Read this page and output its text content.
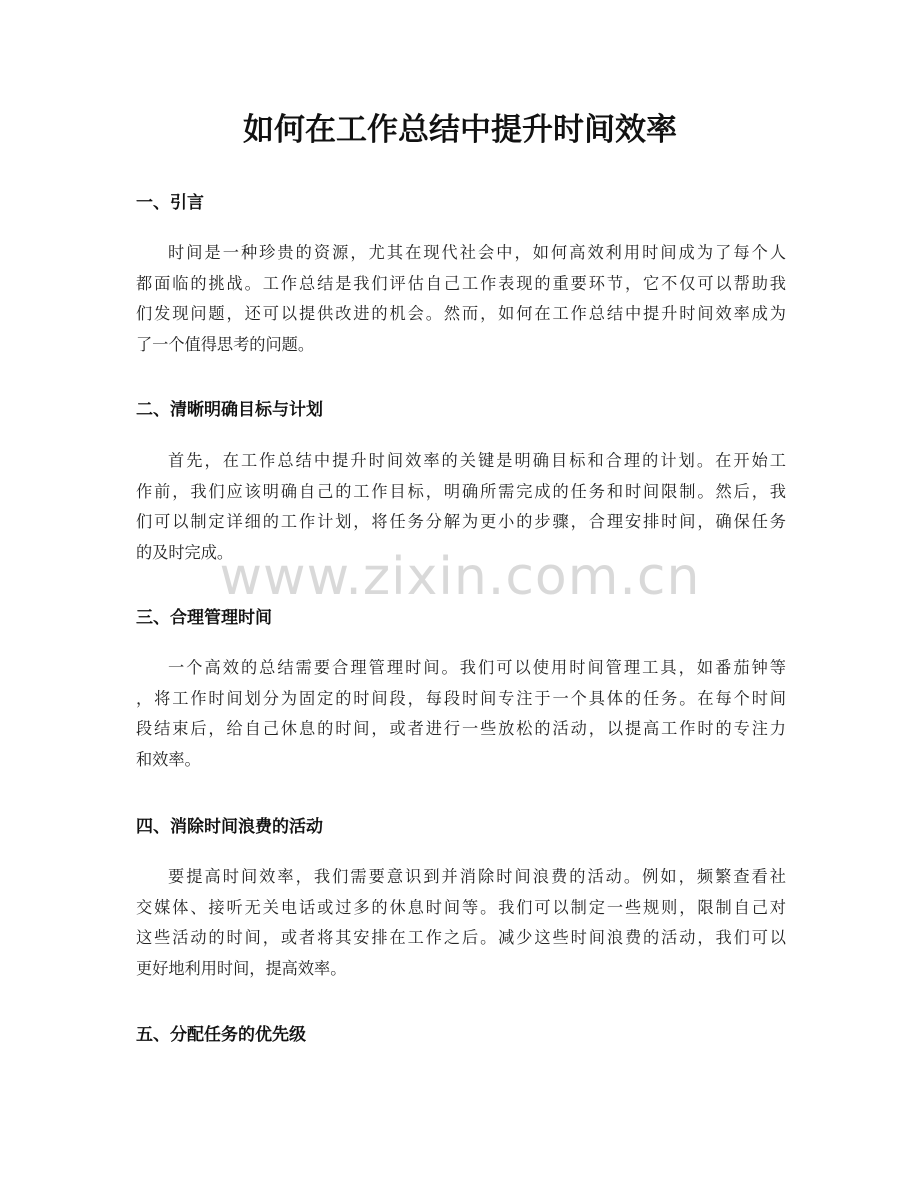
如何在工作总结中提升时间效率
一、引言

时间是一种珍贵的资源，尤其在现代社会中，如何高效利用时间成为了每个人
都面临的挑战。工作总结是我们评估自己工作表现的重要环节，它不仅可以帮助我
们发现问题，还可以提供改进的机会。然而，如何在工作总结中提升时间效率成为
了一个值得思考的问题。

二、清晰明确目标与计划

首先，在工作总结中提升时间效率的关键是明确目标和合理的计划。在开始工
作前，我们应该明确自己的工作目标，明确所需完成的任务和时间限制。然后，我
们可以制定详细的工作计划，将任务分解为更小的步骤，合理安排时间，确保任务
的及时完成。

三、合理管理时间

一个高效的总结需要合理管理时间。我们可以使用时间管理工具，如番茄钟等
，将工作时间划分为固定的时间段，每段时间专注于一个具体的任务。在每个时间
段结束后，给自己休息的时间，或者进行一些放松的活动，以提高工作时的专注力
和效率。

四、消除时间浪费的活动

要提高时间效率，我们需要意识到并消除时间浪费的活动。例如，频繁查看社
交媒体、接听无关电话或过多的休息时间等。我们可以制定一些规则，限制自己对
这些活动的时间，或者将其安排在工作之后。减少这些时间浪费的活动，我们可以
更好地利用时间，提高效率。

五、分配任务的优先级
www.zixin.com.cn
